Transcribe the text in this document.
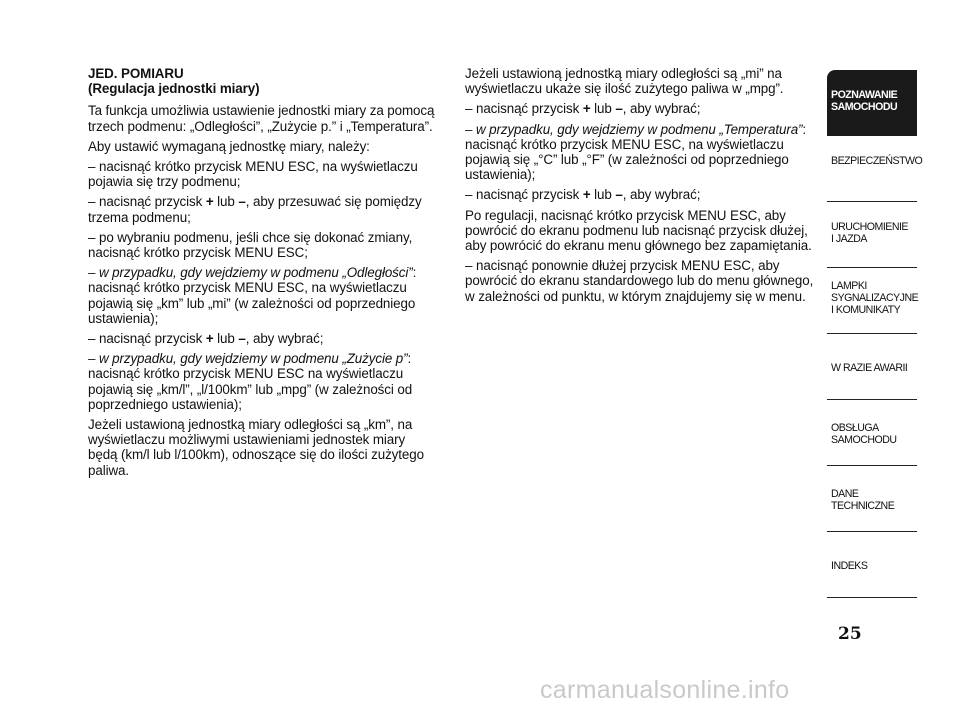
JED. POMIARU
(Regulacja jednostki miary)

Ta funkcja umożliwia ustawienie jednostki miary za pomocą trzech podmenu: „Odległości”, „Zużycie p.” i „Temperatura”.

Aby ustawić wymaganą jednostkę miary, należy:

– nacisnąć krótko przycisk MENU ESC, na wyświetlaczu pojawia się trzy podmenu;

– nacisnąć przycisk + lub –, aby przesuwać się pomiędzy trzema podmenu;

– po wybraniu podmenu, jeśli chce się dokonać zmiany, nacisnąć krótko przycisk MENU ESC;

– w przypadku, gdy wejdziemy w podmenu „Odległości”: nacisnąć krótko przycisk MENU ESC, na wyświetlaczu pojawią się „km” lub „mi” (w zależności od poprzedniego ustawienia);

– nacisnąć przycisk + lub –, aby wybrać;

– w przypadku, gdy wejdziemy w podmenu „Zużycie p”: nacisnąć krótko przycisk MENU ESC na wyświetlaczu pojawią się „km/l”, „l/100km” lub „mpg” (w zależności od poprzedniego ustawienia);

Jeżeli ustawioną jednostką miary odległości są „km”, na wyświetlaczu możliwymi ustawieniami jednostek miary będą (km/l lub l/100km), odnoszące się do ilości zużytego paliwa.

Jeżeli ustawioną jednostką miary odległości są „mi” na wyświetlaczu ukaże się ilość zużytego paliwa w „mpg”.

– nacisnąć przycisk + lub –, aby wybrać;

– w przypadku, gdy wejdziemy w podmenu „Temperatura”: nacisnąć krótko przycisk MENU ESC, na wyświetlaczu pojawią się „°C” lub „°F” (w zależności od poprzedniego ustawienia);

– nacisnąć przycisk + lub –, aby wybrać;

Po regulacji, nacisnąć krótko przycisk MENU ESC, aby powrócić do ekranu podmenu lub nacisnąć przycisk dłużej, aby powrócić do ekranu menu głównego bez zapamiętania.

– nacisnąć ponownie dłużej przycisk MENU ESC, aby powrócić do ekranu standardowego lub do menu głównego, w zależności od punktu, w którym znajdujemy się w menu.

POZNAWANIE
SAMOCHODU
BEZPIECZEŃSTWO
URUCHOMIENIE
I JAZDA
LAMPKI
SYGNALIZACYJNE
I KOMUNIKATY
W RAZIE AWARII
OBSŁUGA
SAMOCHODU
DANE
TECHNICZNE
INDEKS
25
carmanualsonline.info
